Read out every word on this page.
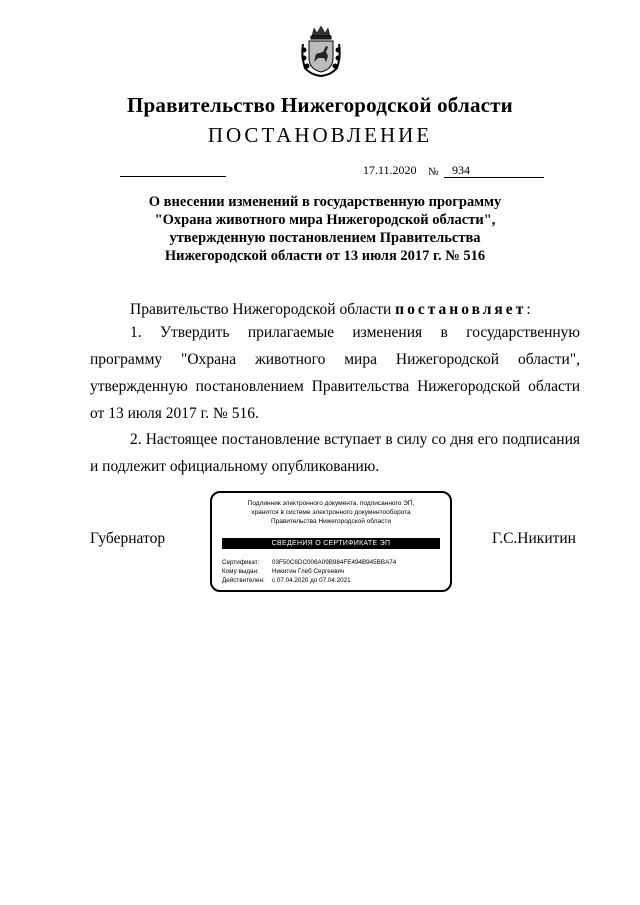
Правительство Нижегородской области
ПОСТАНОВЛЕНИЕ
17.11.2020 № 934
О внесении изменений в государственную программу
"Охрана животного мира Нижегородской области",
утвержденную постановлением Правительства
Нижегородской области от 13 июля 2017 г. № 516
Правительство Нижегородской области постановляет:
1. Утвердить прилагаемые изменения в государственную программу "Охрана животного мира Нижегородской области", утвержденную постановлением Правительства Нижегородской области от 13 июля 2017 г. № 516.
2. Настоящее постановление вступает в силу со дня его подписания и подлежит официальному опубликованию.
Губернатор	Г.С.Никитин
Подлинник электронного документа, подписанного ЭП,
хранится в системе электронного документооборота
Правительства Нижегородской области
СВЕДЕНИЯ О СЕРТИФИКАТЕ ЭП
Сертификат: 03F50C6DC006A09B984FE494B945BBA74
Кому выдан: Никитин Глеб Сергеевич
Действителен: с 07.04.2020 до 07.04.2021
